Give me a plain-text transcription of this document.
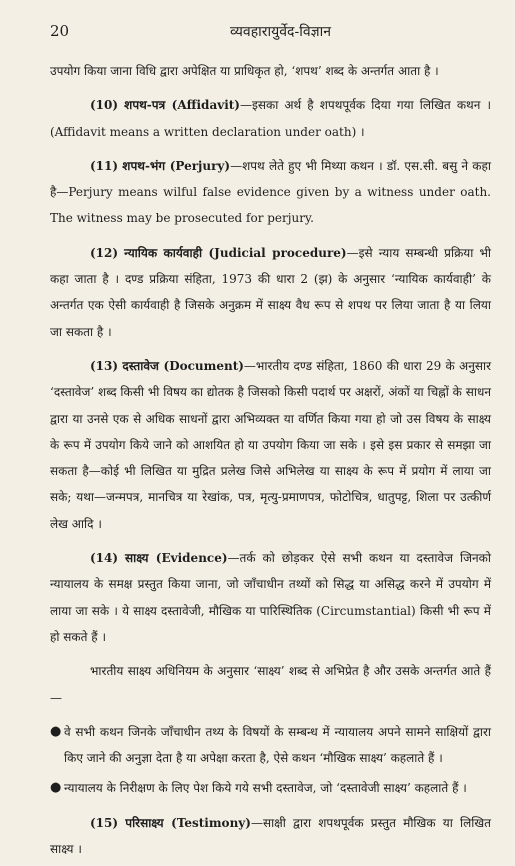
20	व्यवहारायुर्वेद-विज्ञान

उपयोग किया जाना विधि द्वारा अपेक्षित या प्राधिकृत हो, ‘शपथ’ शब्द के अन्तर्गत आता है ।

(10) शपथ-पत्र (Affidavit)—इसका अर्थ है शपथपूर्वक दिया गया लिखित कथन । (Affidavit means a written declaration under oath) ।

(11) शपथ-भंग (Perjury)—शपथ लेते हुए भी मिथ्या कथन । डॉ. एस.सी. बसु ने कहा है—Perjury means wilful false evidence given by a witness under oath. The witness may be prosecuted for perjury.

(12) न्यायिक कार्यवाही (Judicial procedure)—इसे न्याय सम्बन्धी प्रक्रिया भी कहा जाता है । दण्ड प्रक्रिया संहिता, 1973 की धारा 2 (झ) के अनुसार ‘न्यायिक कार्यवाही’ के अन्तर्गत एक ऐसी कार्यवाही है जिसके अनुक्रम में साक्ष्य वैध रूप से शपथ पर लिया जाता है या लिया जा सकता है ।

(13) दस्तावेज (Document)—भारतीय दण्ड संहिता, 1860 की धारा 29 के अनुसार ‘दस्तावेज’ शब्द किसी भी विषय का द्योतक है जिसको किसी पदार्थ पर अक्षरों, अंकों या चिह्नों के साधन द्वारा या उनसे एक से अधिक साधनों द्वारा अभिव्यक्त या वर्णित किया गया हो जो उस विषय के साक्ष्य के रूप में उपयोग किये जाने को आशयित हो या उपयोग किया जा सके । इसे इस प्रकार से समझा जा सकता है—कोई भी लिखित या मुद्रित प्रलेख जिसे अभिलेख या साक्ष्य के रूप में प्रयोग में लाया जा सके; यथा—जन्मपत्र, मानचित्र या रेखांक, पत्र, मृत्यु-प्रमाणपत्र, फोटोचित्र, धातुपट्ट, शिला पर उत्कीर्ण लेख आदि ।

(14) साक्ष्य (Evidence)—तर्क को छोड़कर ऐसे सभी कथन या दस्तावेज जिनको न्यायालय के समक्ष प्रस्तुत किया जाना, जो जाँचाधीन तथ्यों को सिद्ध या असिद्ध करने में उपयोग में लाया जा सके । ये साक्ष्य दस्तावेजी, मौखिक या पारिस्थितिक (Circumstantial) किसी भी रूप में हो सकते हैं ।

भारतीय साक्ष्य अधिनियम के अनुसार ‘साक्ष्य’ शब्द से अभिप्रेत है और उसके अन्तर्गत आते हैं—

● वे सभी कथन जिनके जाँचाधीन तथ्य के विषयों के सम्बन्ध में न्यायालय अपने सामने साक्षियों द्वारा किए जाने की अनुज्ञा देता है या अपेक्षा करता है, ऐसे कथन ‘मौखिक साक्ष्य’ कहलाते हैं ।
● न्यायालय के निरीक्षण के लिए पेश किये गये सभी दस्तावेज, जो ‘दस्तावेजी साक्ष्य’ कहलाते हैं ।

(15) परिसाक्ष्य (Testimony)—साक्षी द्वारा शपथपूर्वक प्रस्तुत मौखिक या लिखित साक्ष्य ।
